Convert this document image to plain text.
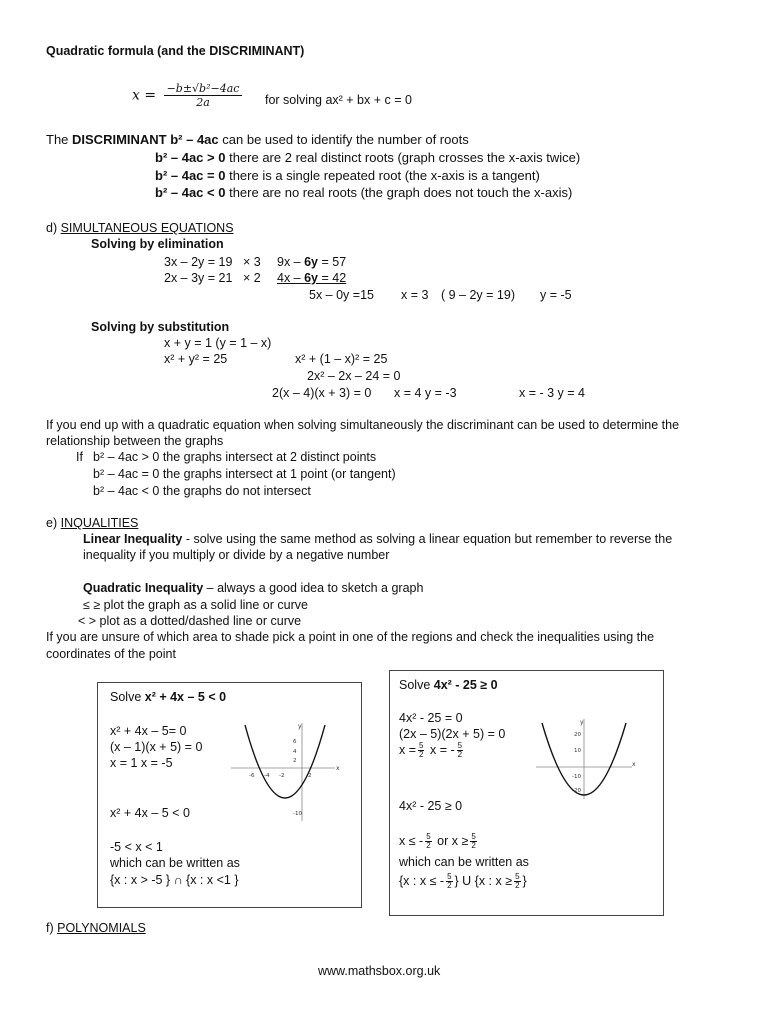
Quadratic formula (and the DISCRIMINANT)
$x = \frac{\text{−b±√b²−4ac}}{2a}$ for solving ax² + bx + c = 0
The DISCRIMINANT b² – 4ac can be used to identify the number of roots
b² – 4ac > 0 there are 2 real distinct roots (graph crosses the x-axis twice)
b² – 4ac = 0 there is a single repeated root (the x-axis is a tangent)
b² – 4ac < 0 there are no real roots (the graph does not touch the x-axis)
d) SIMULTANEOUS EQUATIONS
Solving by elimination
3x – 2y = 19 × 3 9x – 6y = 57
2x – 3y = 21 × 2 4x – 6y = 42
5x – 0y =15 x = 3 ( 9 – 2y = 19) y = -5
Solving by substitution
x + y = 1 (y = 1 – x)
x² + y² = 25	x² + (1 – x)² = 25
2x² – 2x – 24 = 0
2(x – 4)(x + 3) = 0 x = 4 y = -3	x = - 3 y = 4
If you end up with a quadratic equation when solving simultaneously the discriminant can be used to determine the
relationship between the graphs
If b² – 4ac > 0 the graphs intersect at 2 distinct points
b² – 4ac = 0 the graphs intersect at 1 point (or tangent)
b² – 4ac < 0 the graphs do not intersect
e) INQUALITIES
Linear Inequality - solve using the same method as solving a linear equation but remember to reverse the
inequality if you multiply or divide by a negative number
Quadratic Inequality – always a good idea to sketch a graph
≤ ≥ plot the graph as a solid line or curve
< > plot as a dotted/dashed line or curve
If you are unsure of which area to shade pick a point in one of the regions and check the inequalities using the
coordinates of the point
Solve x² + 4x – 5 < 0
x² + 4x – 5= 0
(x – 1)(x + 5) = 0
x = 1 x = -5
x² + 4x – 5 < 0
-5 < x < 1
which can be written as
{x : x > -5 } ∩ {x : x <1 }
x
y
-6 -4 -2	2
6
4
2
-10
Solve 4x² - 25 ≥ 0
4x² - 25 = 0
(2x – 5)(2x + 5) = 0
$x = \frac{5}{2}$ x = - $\frac{5}{2}$
4x² - 25 ≥ 0
x ≤ - $\frac{5}{2}$ or $x \ge \frac{5}{2}$
which can be written as
{x : x ≤ - $\frac{5}{2}$ } U {x : $x \ge \frac{5}{2}$ }
x
y
20
10
-10
-20
f) POLYNOMIALS
www.mathsbox.org.uk
